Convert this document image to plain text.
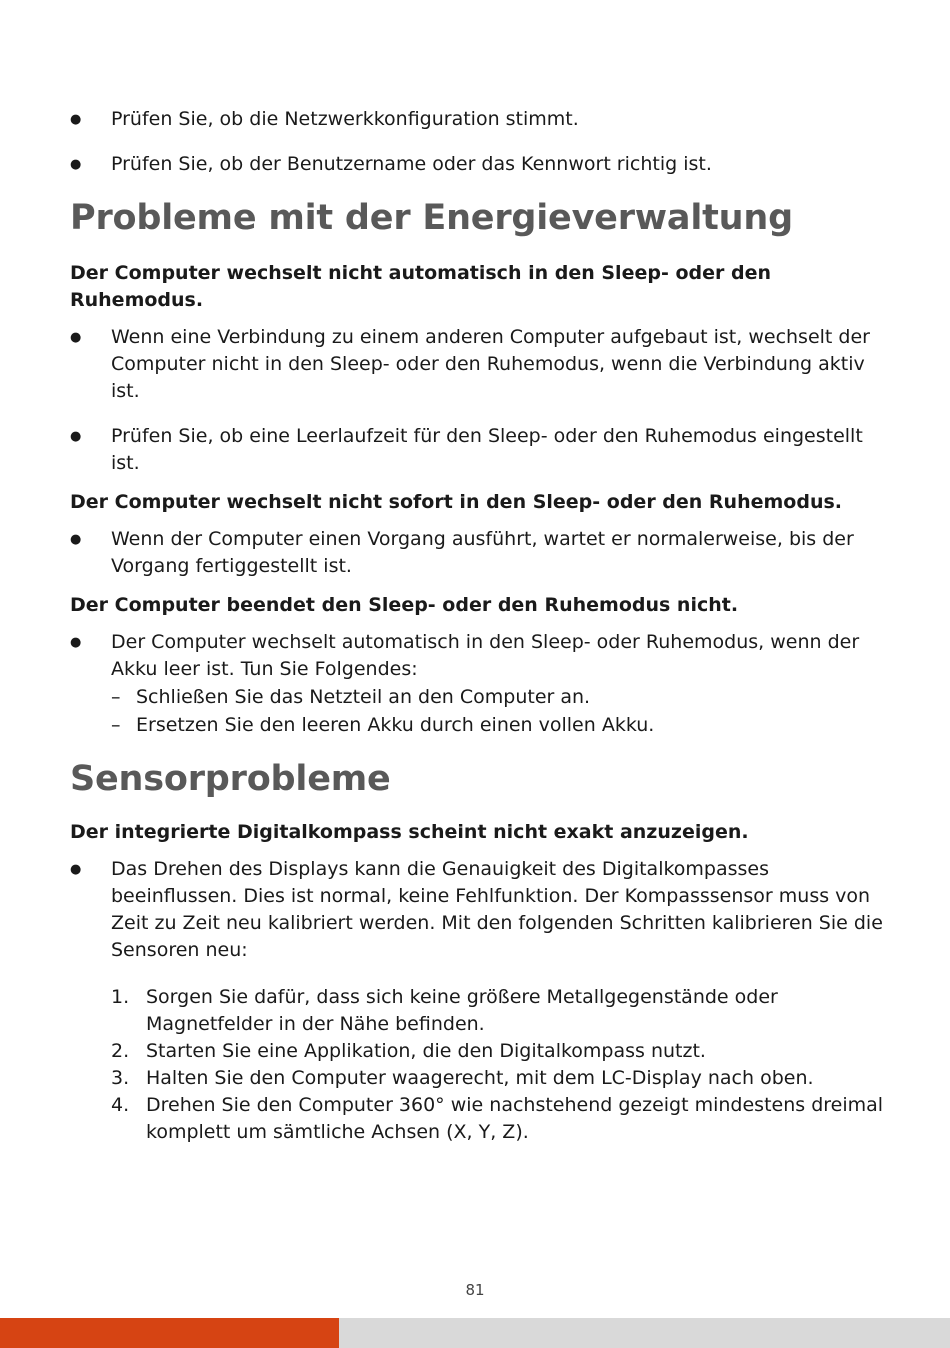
● Prüfen Sie, ob die Netzwerkkonfiguration stimmt.
● Prüfen Sie, ob der Benutzername oder das Kennwort richtig ist.
Probleme mit der Energieverwaltung
Der Computer wechselt nicht automatisch in den Sleep- oder den Ruhemodus.
● Wenn eine Verbindung zu einem anderen Computer aufgebaut ist, wechselt der Computer nicht in den Sleep- oder den Ruhemodus, wenn die Verbindung aktiv ist.
● Prüfen Sie, ob eine Leerlaufzeit für den Sleep- oder den Ruhemodus eingestellt ist.
Der Computer wechselt nicht sofort in den Sleep- oder den Ruhemodus.
● Wenn der Computer einen Vorgang ausführt, wartet er normalerweise, bis der Vorgang fertiggestellt ist.
Der Computer beendet den Sleep- oder den Ruhemodus nicht.
● Der Computer wechselt automatisch in den Sleep- oder Ruhemodus, wenn der Akku leer ist. Tun Sie Folgendes:
– Schließen Sie das Netzteil an den Computer an.
– Ersetzen Sie den leeren Akku durch einen vollen Akku.
Sensorprobleme
Der integrierte Digitalkompass scheint nicht exakt anzuzeigen.
● Das Drehen des Displays kann die Genauigkeit des Digitalkompasses beeinflussen. Dies ist normal, keine Fehlfunktion. Der Kompasssensor muss von Zeit zu Zeit neu kalibriert werden. Mit den folgenden Schritten kalibrieren Sie die Sensoren neu:
1. Sorgen Sie dafür, dass sich keine größere Metallgegenstände oder Magnetfelder in der Nähe befinden.
2. Starten Sie eine Applikation, die den Digitalkompass nutzt.
3. Halten Sie den Computer waagerecht, mit dem LC-Display nach oben.
4. Drehen Sie den Computer 360° wie nachstehend gezeigt mindestens dreimal komplett um sämtliche Achsen (X, Y, Z).
81
